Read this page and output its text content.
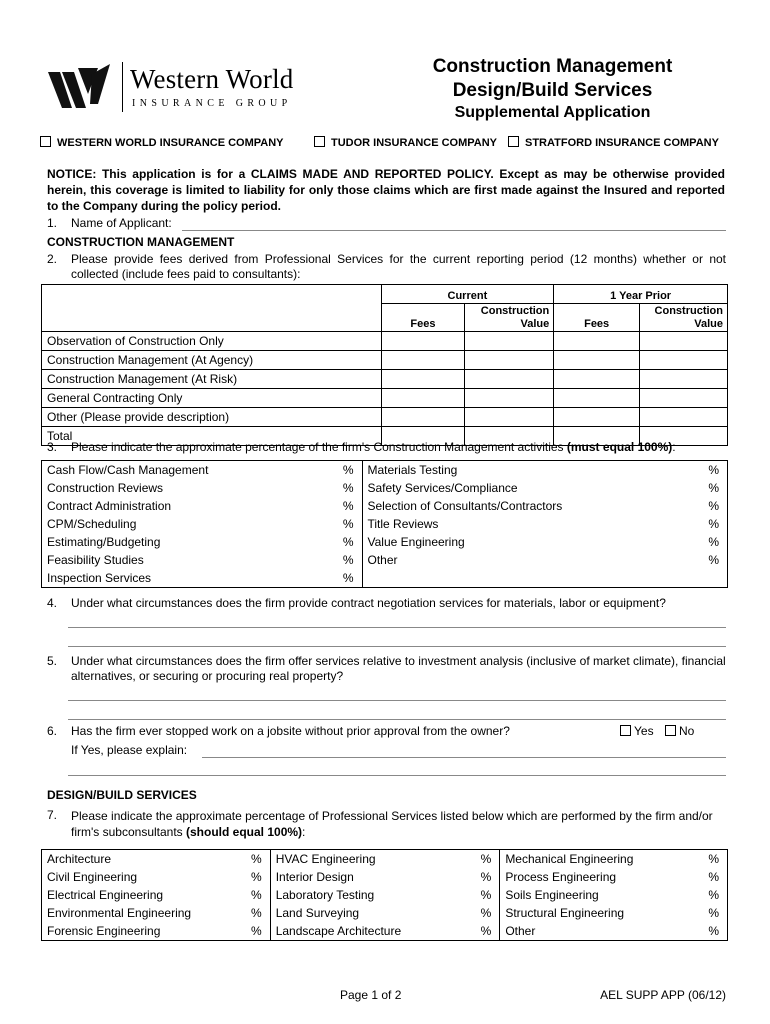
Western World
INSURANCE GROUP
Construction Management
Design/Build Services
Supplemental Application
WESTERN WORLD INSURANCE COMPANY	TUDOR INSURANCE COMPANY	STRATFORD INSURANCE COMPANY
NOTICE: This application is for a CLAIMS MADE AND REPORTED POLICY. Except as may be otherwise provided herein, this coverage is limited to liability for only those claims which are first made against the Insured and reported to the Company during the policy period.
1. Name of Applicant:
CONSTRUCTION MANAGEMENT
2. Please provide fees derived from Professional Services for the current reporting period (12 months) whether or not collected (include fees paid to consultants):
	Current		1 Year Prior	
	Fees	Construction Value	Fees	Construction Value
Observation of Construction Only				
Construction Management (At Agency)				
Construction Management (At Risk)				
General Contracting Only				
Other (Please provide description)				
Total				
3. Please indicate the approximate percentage of the firm's Construction Management activities (must equal 100%):
Cash Flow/Cash Management	%	Materials Testing	%
Construction Reviews	%	Safety Services/Compliance	%
Contract Administration	%	Selection of Consultants/Contractors	%
CPM/Scheduling	%	Title Reviews	%
Estimating/Budgeting	%	Value Engineering	%
Feasibility Studies	%	Other	%
Inspection Services	%		
4. Under what circumstances does the firm provide contract negotiation services for materials, labor or equipment?
5. Under what circumstances does the firm offer services relative to investment analysis (inclusive of market climate), financial alternatives, or securing or procuring real property?
6. Has the firm ever stopped work on a jobsite without prior approval from the owner?	Yes	No
If Yes, please explain:
DESIGN/BUILD SERVICES
7. Please indicate the approximate percentage of Professional Services listed below which are performed by the firm and/or firm's subconsultants (should equal 100%):
Architecture	%	HVAC Engineering	%	Mechanical Engineering	%
Civil Engineering	%	Interior Design	%	Process Engineering	%
Electrical Engineering	%	Laboratory Testing	%	Soils Engineering	%
Environmental Engineering	%	Land Surveying	%	Structural Engineering	%
Forensic Engineering	%	Landscape Architecture	%	Other	%
Page 1 of 2	AEL SUPP APP (06/12)
